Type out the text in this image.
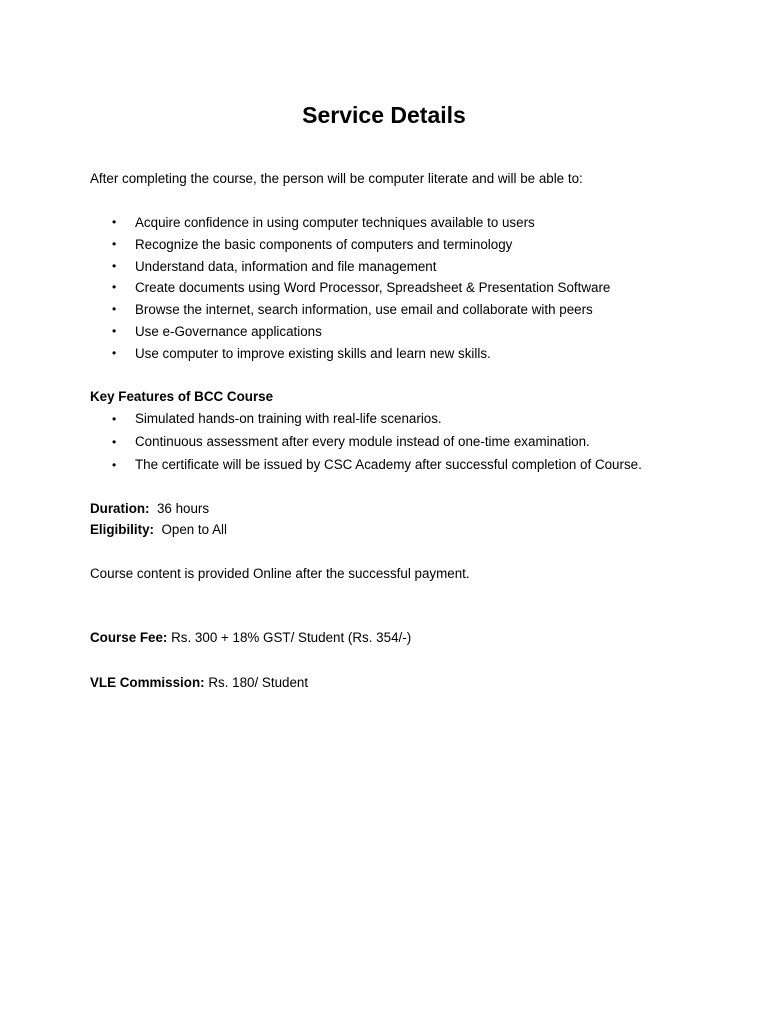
Service Details

After completing the course, the person will be computer literate and will be able to:

• Acquire confidence in using computer techniques available to users
• Recognize the basic components of computers and terminology
• Understand data, information and file management
• Create documents using Word Processor, Spreadsheet & Presentation Software
• Browse the internet, search information, use email and collaborate with peers
• Use e-Governance applications
• Use computer to improve existing skills and learn new skills.

Key Features of BCC Course

• Simulated hands-on training with real-life scenarios.
• Continuous assessment after every module instead of one-time examination.
• The certificate will be issued by CSC Academy after successful completion of Course.

Duration: 36 hours

Eligibility: Open to All

Course content is provided Online after the successful payment.

Course Fee: Rs. 300 + 18% GST/ Student (Rs. 354/-)

VLE Commission: Rs. 180/ Student
